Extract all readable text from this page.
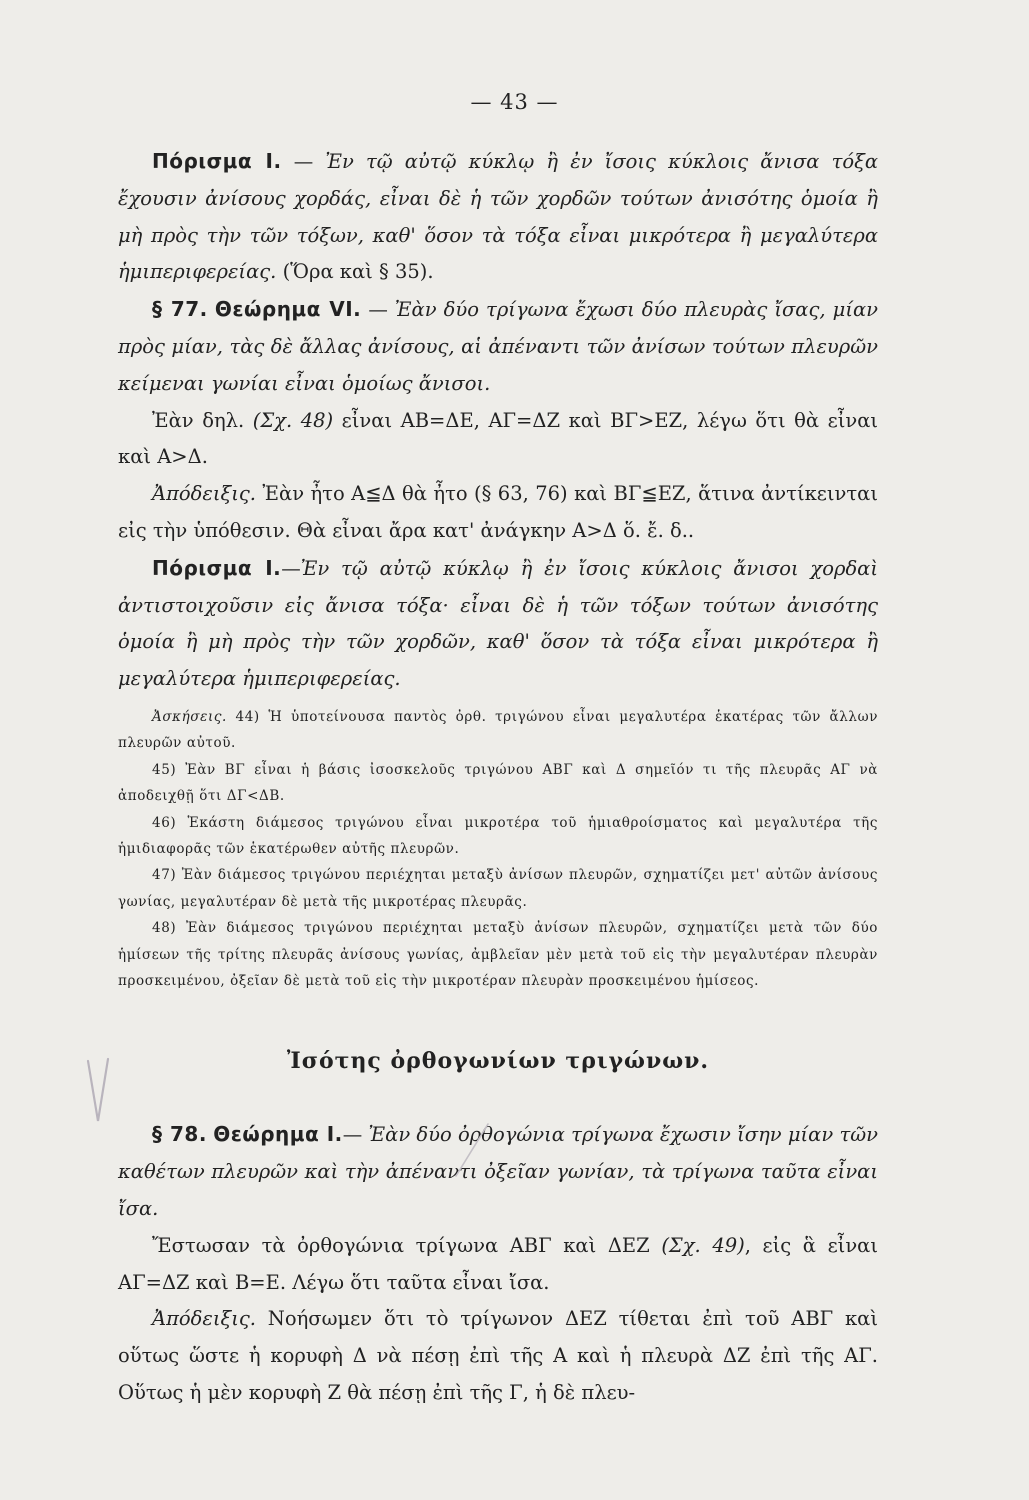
— 43 —

Πόρισμα Ι. — Ἐν τῷ αὐτῷ κύκλῳ ἢ ἐν ἴσοις κύκλοις ἄνισα τόξα ἔχουσιν ἀνίσους χορδάς, εἶναι δὲ ἡ τῶν χορδῶν τούτων ἀνισότης ὁμοία ἢ μὴ πρὸς τὴν τῶν τόξων, καθ' ὅσον τὰ τόξα εἶναι μικρότερα ἢ μεγαλύτερα ἡμιπεριφερείας. (Ὅρα καὶ § 35).

§ 77. Θεώρημα VI. — Ἐὰν δύο τρίγωνα ἔχωσι δύο πλευρὰς ἴσας, μίαν πρὸς μίαν, τὰς δὲ ἄλλας ἀνίσους, αἱ ἀπέναντι τῶν ἀνίσων τούτων πλευρῶν κείμεναι γωνίαι εἶναι ὁμοίως ἄνισοι.

Ἐὰν δηλ. (Σχ. 48) εἶναι ΑΒ=ΔΕ, ΑΓ=ΔΖ καὶ ΒΓ>ΕΖ, λέγω ὅτι θὰ εἶναι καὶ Α>Δ.

Ἀπόδειξις. Ἐὰν ἦτο Α≦Δ θὰ ἦτο (§ 63, 76) καὶ ΒΓ≦ΕΖ, ἅτινα ἀντίκεινται εἰς τὴν ὑπόθεσιν. Θὰ εἶναι ἄρα κατ' ἀνάγκην Α>Δ ὅ. ἔ. δ..

Πόρισμα Ι.—Ἐν τῷ αὐτῷ κύκλῳ ἢ ἐν ἴσοις κύκλοις ἄνισοι χορδαὶ ἀντιστοιχοῦσιν εἰς ἄνισα τόξα· εἶναι δὲ ἡ τῶν τόξων τούτων ἀνισότης ὁμοία ἢ μὴ πρὸς τὴν τῶν χορδῶν, καθ' ὅσον τὰ τόξα εἶναι μικρότερα ἢ μεγαλύτερα ἡμιπεριφερείας.

Ἀσκήσεις. 44) Ἡ ὑποτείνουσα παντὸς ὀρθ. τριγώνου εἶναι μεγαλυτέρα ἑκατέρας τῶν ἄλλων πλευρῶν αὐτοῦ.

45) Ἐὰν ΒΓ εἶναι ἡ βάσις ἰσοσκελοῦς τριγώνου ΑΒΓ καὶ Δ σημεῖόν τι τῆς πλευρᾶς ΑΓ νὰ ἀποδειχθῇ ὅτι ΔΓ<ΔΒ.

46) Ἑκάστη διάμεσος τριγώνου εἶναι μικροτέρα τοῦ ἡμιαθροίσματος καὶ μεγαλυτέρα τῆς ἡμιδιαφορᾶς τῶν ἑκατέρωθεν αὐτῆς πλευρῶν.

47) Ἐὰν διάμεσος τριγώνου περιέχηται μεταξὺ ἀνίσων πλευρῶν, σχηματίζει μετ' αὐτῶν ἀνίσους γωνίας, μεγαλυτέραν δὲ μετὰ τῆς μικροτέρας πλευρᾶς.

48) Ἐὰν διάμεσος τριγώνου περιέχηται μεταξὺ ἀνίσων πλευρῶν, σχηματίζει μετὰ τῶν δύο ἡμίσεων τῆς τρίτης πλευρᾶς ἀνίσους γωνίας, ἀμβλεῖαν μὲν μετὰ τοῦ εἰς τὴν μεγαλυτέραν πλευρὰν προσκειμένου, ὀξεῖαν δὲ μετὰ τοῦ εἰς τὴν μικροτέραν πλευρὰν προσκειμένου ἡμίσεος.

Ἰσότης ὀρθογωνίων τριγώνων.

§ 78. Θεώρημα Ι.— Ἐὰν δύο ὀρθογώνια τρίγωνα ἔχωσιν ἴσην μίαν τῶν καθέτων πλευρῶν καὶ τὴν ἀπέναντι ὀξεῖαν γωνίαν, τὰ τρίγωνα ταῦτα εἶναι ἴσα.

Ἔστωσαν τὰ ὀρθογώνια τρίγωνα ΑΒΓ καὶ ΔΕΖ (Σχ. 49), εἰς ἃ εἶναι ΑΓ=ΔΖ καὶ Β=Ε. Λέγω ὅτι ταῦτα εἶναι ἴσα.

Ἀπόδειξις. Νοήσωμεν ὅτι τὸ τρίγωνον ΔΕΖ τίθεται ἐπὶ τοῦ ΑΒΓ καὶ οὕτως ὥστε ἡ κορυφὴ Δ νὰ πέσῃ ἐπὶ τῆς Α καὶ ἡ πλευρὰ ΔΖ ἐπὶ τῆς ΑΓ. Οὕτως ἡ μὲν κορυφὴ Ζ θὰ πέσῃ ἐπὶ τῆς Γ, ἡ δὲ πλευ-
